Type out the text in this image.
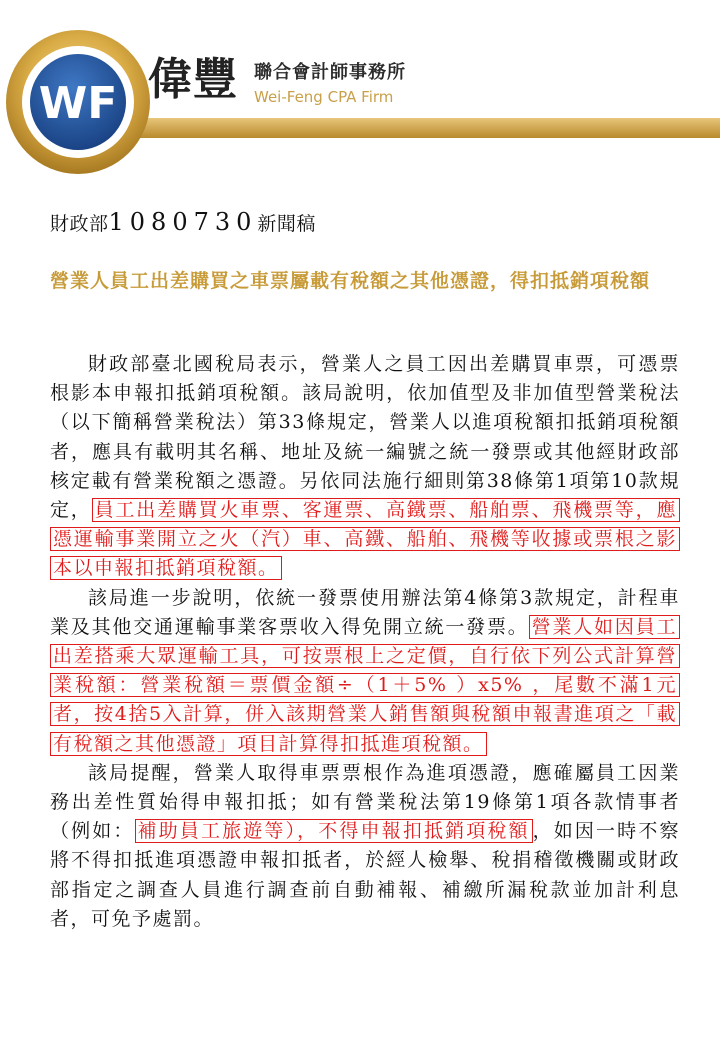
WF 偉豐 聯合會計師事務所
Wei-Feng CPA Firm
財政部1080730新聞稿
營業人員工出差購買之車票屬載有稅額之其他憑證，得扣抵銷項稅額

財政部臺北國稅局表示，營業人之員工因出差購買車票，可憑票根影本申報扣抵銷項稅額。該局說明，依加值型及非加值型營業稅法（以下簡稱營業稅法）第33條規定，營業人以進項稅額扣抵銷項稅額者，應具有載明其名稱、地址及統一編號之統一發票或其他經財政部核定載有營業稅額之憑證。另依同法施行細則第38條第1項第10款規定， 員工出差購買火車票、客運票、高鐵票、船舶票、飛機票等，應憑運輸事業開立之火（汽）車、高鐵、船舶、飛機等收據或票根之影本以申報扣抵銷項稅額。

該局進一步說明，依統一發票使用辦法第4條第3款規定，計程車業及其他交通運輸事業客票收入得免開立統一發票。 營業人如因員工出差搭乘大眾運輸工具，可按票根上之定價，自行依下列公式計算營業稅額：營業稅額＝票價金額÷（1＋5% ）x5% ，尾數不滿1元者，按4捨5入計算，併入該期營業人銷售額與稅額申報書進項之「載有稅額之其他憑證」項目計算得扣抵進項稅額。

該局提醒，營業人取得車票票根作為進項憑證，應確屬員工因業務出差性質始得申報扣抵；如有營業稅法第19條第1項各款情事者（例如： 補助員工旅遊等），不得申報扣抵銷項稅額 ，如因一時不察將不得扣抵進項憑證申報扣抵者，於經人檢舉、稅捐稽徵機關或財政部指定之調查人員進行調查前自動補報、補繳所漏稅款並加計利息者，可免予處罰。
